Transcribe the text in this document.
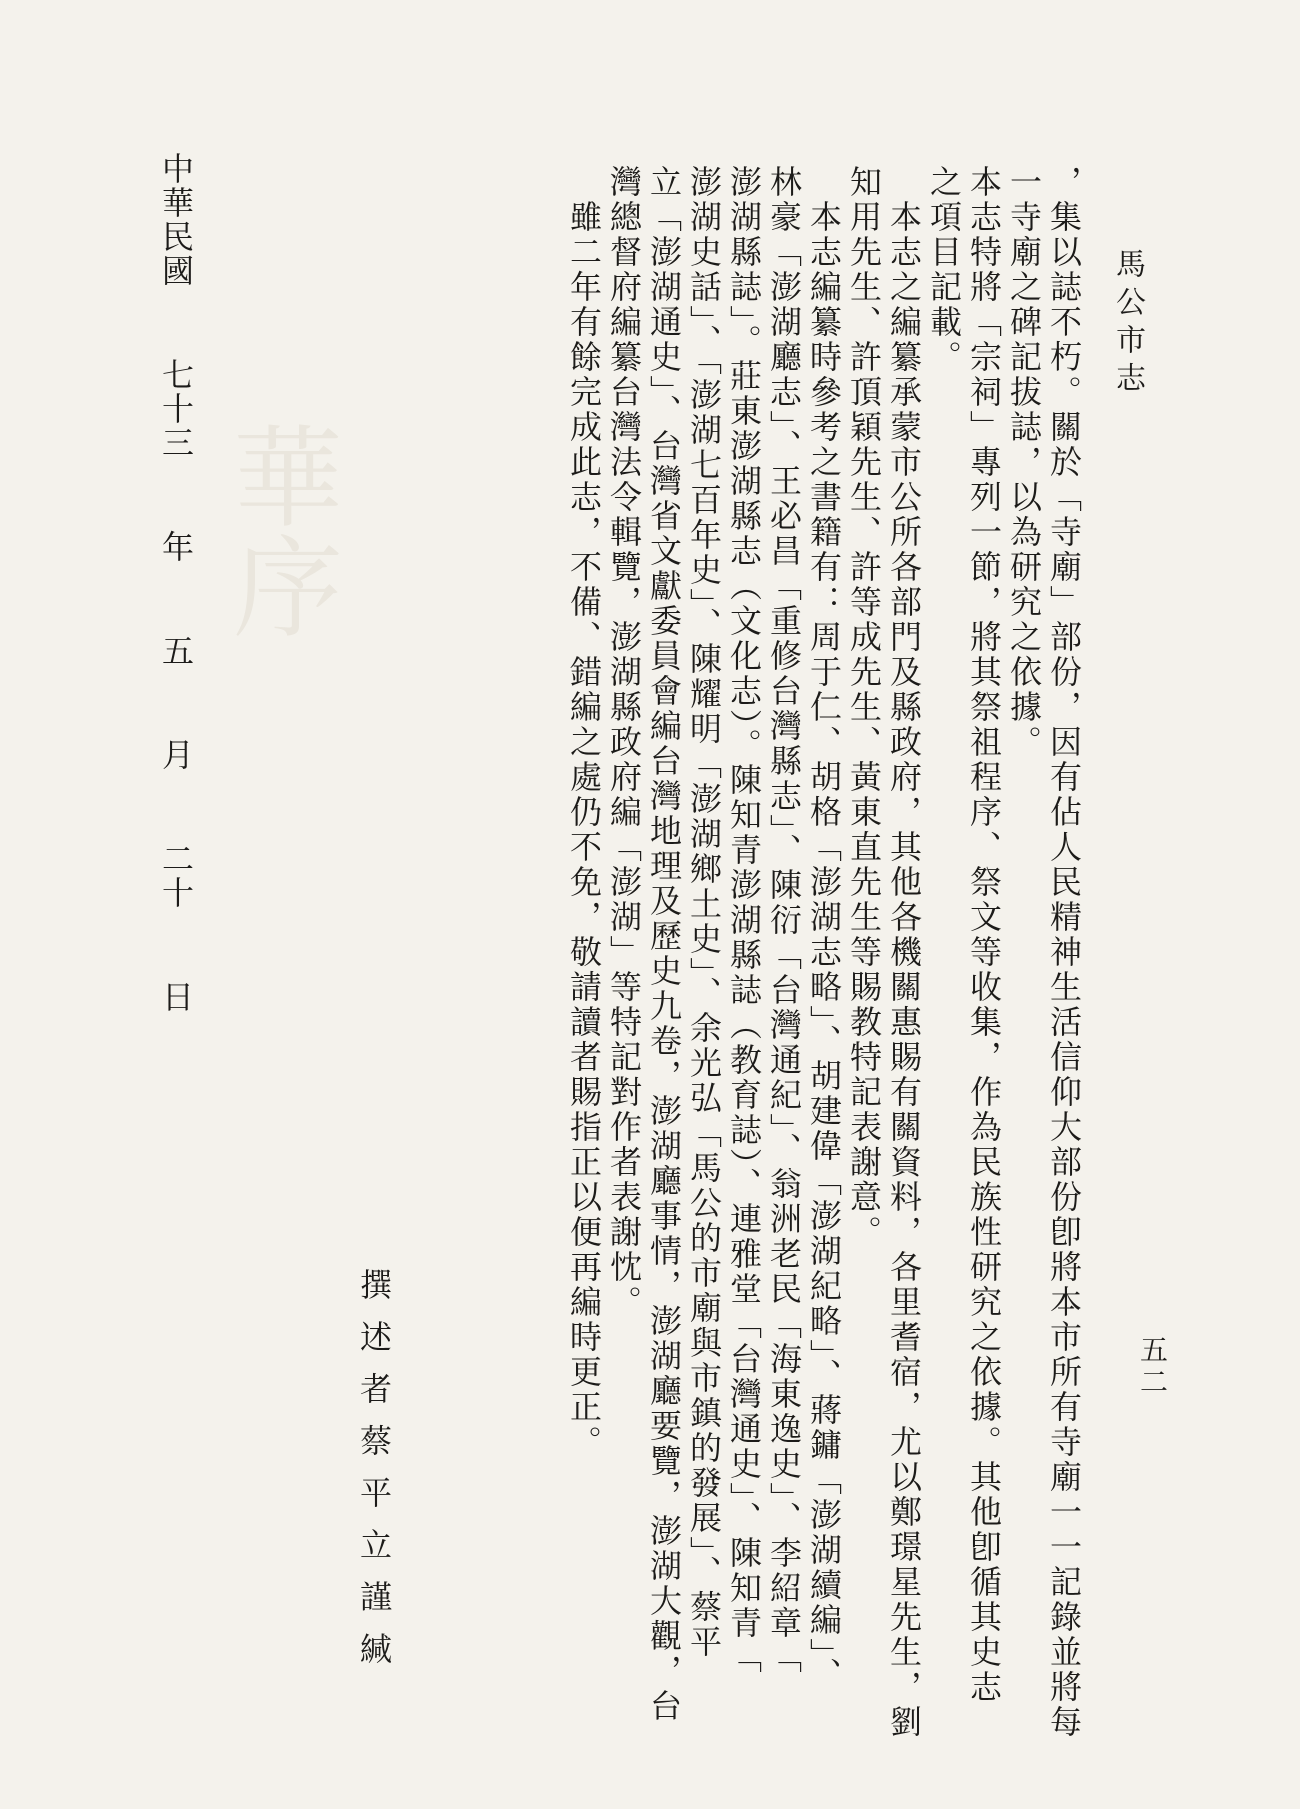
華序
馬公市志
五二
，集以誌不朽。關於「寺廟」部份，因有佔人民精神生活信仰大部份卽將本市所有寺廟一一記錄並將每
一寺廟之碑記拔誌，以為研究之依據。
本志特將「宗祠」專列一節，將其祭祖程序、祭文等收集，作為民族性研究之依據。其他卽循其史志
之項目記載。
本志之編纂承蒙市公所各部門及縣政府，其他各機關惠賜有關資料，各里耆宿，尤以鄭璟星先生，劉
知用先生、許頂穎先生、許等成先生、黃東直先生等賜教特記表謝意。
本志編纂時參考之書籍有：周于仁、胡格「澎湖志略」、胡建偉「澎湖紀略」、蔣鏞「澎湖續編」、
林豪「澎湖廳志」、王必昌「重修台灣縣志」、陳衍「台灣通紀」、翁洲老民「海東逸史」、李紹章「
澎湖縣誌」。莊東澎湖縣志（文化志）。陳知青澎湖縣誌（教育誌）、連雅堂「台灣通史」、陳知青「
澎湖史話」、「澎湖七百年史」、陳耀明「澎湖鄉土史」、余光弘「馬公的市廟與市鎮的發展」、蔡平
立「澎湖通史」、台灣省文獻委員會編台灣地理及歷史九卷，澎湖廳事情，澎湖廳要覽，澎湖大觀，台
灣總督府編纂台灣法令輯覽，澎湖縣政府編「澎湖」等特記對作者表謝忱。
雖二年有餘完成此志，不備、錯編之處仍不免，敬請讀者賜指正以便再編時更正。
撰述者蔡平立謹緘
中華民國 七十三 年 五 月 二十 日
